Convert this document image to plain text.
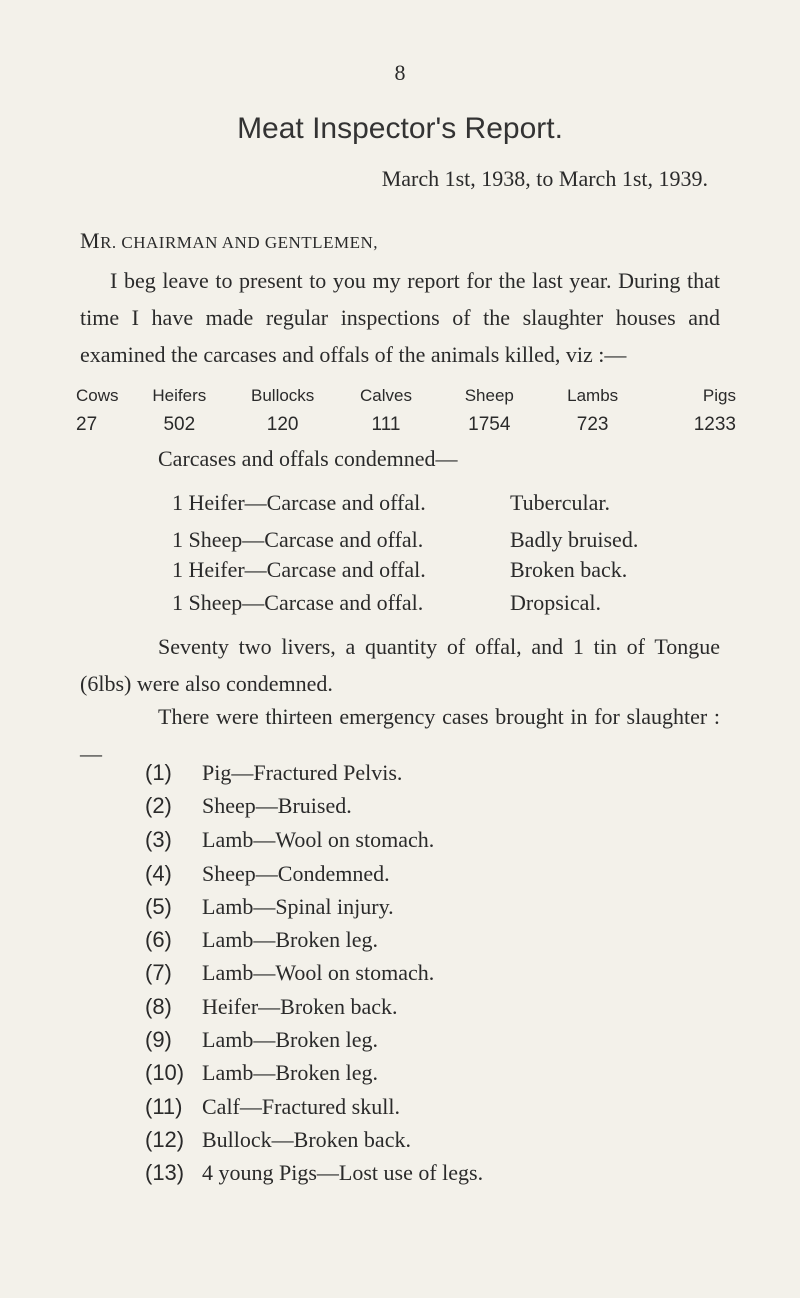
8
Meat Inspector's Report.
March 1st, 1938, to March 1st, 1939.
MR. CHAIRMAN AND GENTLEMEN,
I beg leave to present to you my report for the last year. During that time I have made regular inspections of the slaughter houses and examined the carcases and offals of the animals killed, viz :—
Cows	Heifers	Bullocks	Calves	Sheep	Lambs	Pigs
27	502	120	111	1754	723	1233
Carcases and offals condemned—
1 Heifer—Carcase and offal.	Tubercular.
1 Sheep—Carcase and offal.	Badly bruised.
1 Heifer—Carcase and offal.	Broken back.
1 Sheep—Carcase and offal.	Dropsical.
Seventy two livers, a quantity of offal, and 1 tin of Tongue (6lbs) were also condemned.
There were thirteen emergency cases brought in for slaughter :—
(1) Pig—Fractured Pelvis.
(2) Sheep—Bruised.
(3) Lamb—Wool on stomach.
(4) Sheep—Condemned.
(5) Lamb—Spinal injury.
(6) Lamb—Broken leg.
(7) Lamb—Wool on stomach.
(8) Heifer—Broken back.
(9) Lamb—Broken leg.
(10) Lamb—Broken leg.
(11) Calf—Fractured skull.
(12) Bullock—Broken back.
(13) 4 young Pigs—Lost use of legs.
